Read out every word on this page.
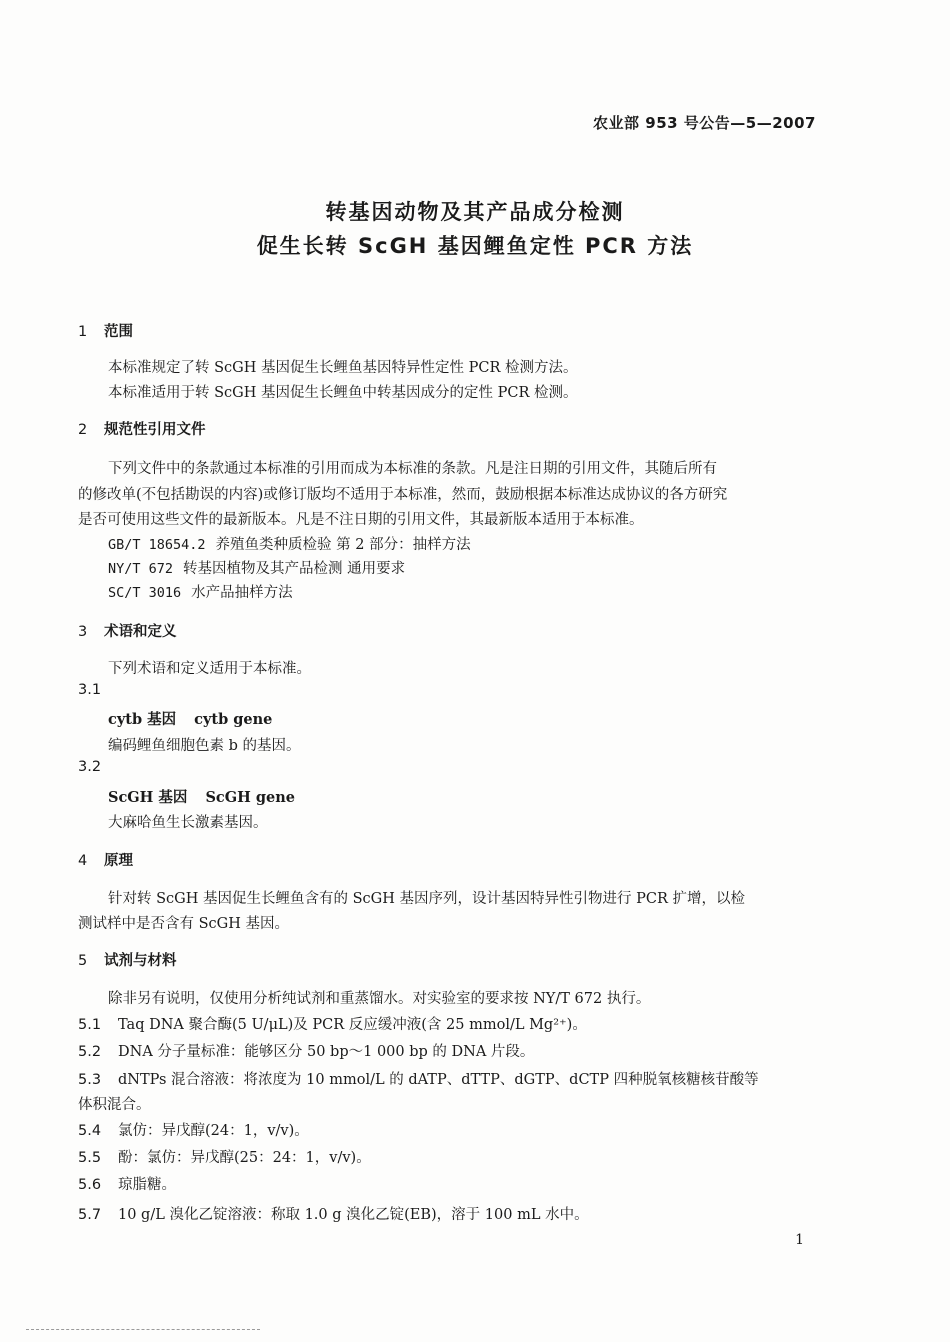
农业部 953 号公告—5—2007
转基因动物及其产品成分检测
促生长转 ScGH 基因鲤鱼定性 PCR 方法
1 范围
本标准规定了转 ScGH 基因促生长鲤鱼基因特异性定性 PCR 检测方法。
本标准适用于转 ScGH 基因促生长鲤鱼中转基因成分的定性 PCR 检测。
2 规范性引用文件
下列文件中的条款通过本标准的引用而成为本标准的条款。凡是注日期的引用文件，其随后所有
的修改单(不包括勘误的内容)或修订版均不适用于本标准，然而，鼓励根据本标准达成协议的各方研究
是否可使用这些文件的最新版本。凡是不注日期的引用文件，其最新版本适用于本标准。
GB/T 18654.2 养殖鱼类种质检验 第 2 部分：抽样方法
NY/T 672 转基因植物及其产品检测 通用要求
SC/T 3016 水产品抽样方法
3 术语和定义
下列术语和定义适用于本标准。
3.1
cytb 基因 cytb gene
编码鲤鱼细胞色素 b 的基因。
3.2
ScGH 基因 ScGH gene
大麻哈鱼生长激素基因。
4 原理
针对转 ScGH 基因促生长鲤鱼含有的 ScGH 基因序列，设计基因特异性引物进行 PCR 扩增，以检
测试样中是否含有 ScGH 基因。
5 试剂与材料
除非另有说明，仅使用分析纯试剂和重蒸馏水。对实验室的要求按 NY/T 672 执行。
5.1 Taq DNA 聚合酶(5 U/μL)及 PCR 反应缓冲液(含 25 mmol/L Mg²⁺)。
5.2 DNA 分子量标准：能够区分 50 bp～1 000 bp 的 DNA 片段。
5.3 dNTPs 混合溶液：将浓度为 10 mmol/L 的 dATP、dTTP、dGTP、dCTP 四种脱氧核糖核苷酸等
体积混合。
5.4 氯仿：异戊醇(24：1，v/v)。
5.5 酚：氯仿：异戊醇(25：24：1，v/v)。
5.6 琼脂糖。
5.7 10 g/L 溴化乙锭溶液：称取 1.0 g 溴化乙锭(EB)，溶于 100 mL 水中。
1
